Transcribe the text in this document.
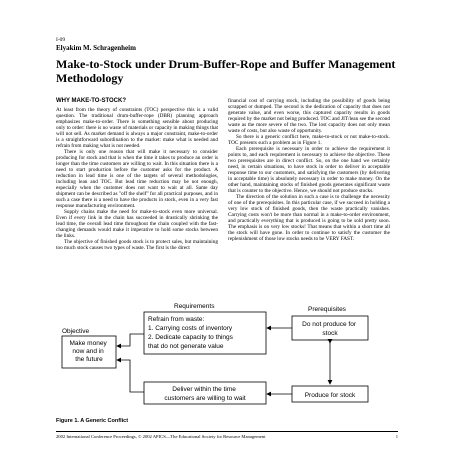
I-09
Elyakim M. Schragenheim
Make-to-Stock under Drum-Buffer-Rope and Buffer Management Methodology
WHY MAKE-TO-STOCK?

At least from the theory of constraints (TOC) perspective this is a valid question. The traditional drum-buffer-rope (DBR) planning approach emphasizes make-to-order. There is something sensible about producing only to order: there is no waste of materials or capacity in making things that will not sell. As market demand is always a major constraint, make-to-order is a straightforward subordination to the market: make what is needed and refrain from making what is not needed.

There is only one reason that will make it necessary to consider producing for stock and that is when the time it takes to produce an order is longer than the time customers are willing to wait. In this situation there is a need to start production before the customer asks for the product. A reduction in lead time is one of the targets of several methodologies, including lean and TOC. But lead time reduction may be not enough, especially when the customer does not want to wait at all. Same day shipment can be described as "off the shelf" for all practical purposes, and in such a case there is a need to have the products in stock, even in a very fast response manufacturing environment.

Supply chains make the need for make-to-stock even more universal. Even if every link in the chain has succeeded in drastically shrinking the lead time, the overall lead time throughout the chain coupled with the fast-changing demands would make it imperative to hold some stocks between the links.

The objective of finished goods stock is to protect sales, but maintaining too much stock causes two types of waste. The first is the direct

financial cost of carrying stock, including the possibility of goods being scrapped or dumped. The second is the dedication of capacity that does not generate value, and even worse, this captured capacity results in goods required by the market not being produced. TOC and JIT/lean see the second waste as the more severe of the two. The lost capacity does not only mean waste of costs, but also waste of opportunity.

So there is a generic conflict here, make-to-stock or not make-to-stock. TOC presents such a problem as in Figure 1.

Each prerequisite is necessary in order to achieve the requirement it points to, and each requirement is necessary to achieve the objective. These two prerequisites are in direct conflict. So, on the one hand we certainly need, in certain situations, to have stock in order to deliver in acceptable response time to our customers, and satisfying the customers (by delivering in acceptable time) is absolutely necessary in order to make money. On the other hand, maintaining stocks of finished goods generates significant waste that is counter to the objective. Hence, we should not produce stocks.

The direction of the solution in such a case is to challenge the necessity of one of the prerequisites. In this particular case, if we succeed in holding a very low stock of finished goods, then the waste practically vanishes. Carrying costs won't be more than normal in a make-to-order environment, and practically everything that is produced is going to be sold pretty soon. The emphasis is on very low stocks! That means that within a short time all the stock will have gone. In order to continue to satisfy the customer the replenishment of those low stocks needs to be VERY FAST.

Requirements	Prerequisites
Objective
Make money now and in the future
Refrain from waste: 1. Carrying costs of inventory 2. Dedicate capacity to things that do not generate value
Deliver within the time customers are willing to wait
Do not produce for stock
Produce for stock
Figure 1. A Generic Conflict
2002 International Conference Proceedings, © 2002 APICS—The Educational Society for Resource Management	1
